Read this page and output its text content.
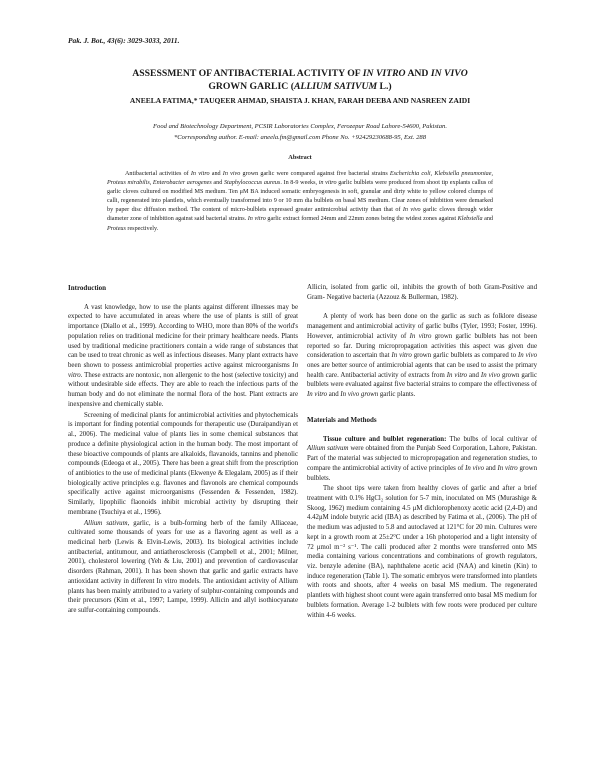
Pak. J. Bot., 43(6): 3029-3033, 2011.
ASSESSMENT OF ANTIBACTERIAL ACTIVITY OF IN VITRO AND IN VIVO
GROWN GARLIC (ALLIUM SATIVUM L.)
ANEELA FATIMA,* TAUQEER AHMAD, SHAISTA J. KHAN, FARAH DEEBA AND NASREEN ZAIDI
Food and Biotechnology Department, PCSIR Laboratories Complex, Ferozepur Road Lahore-54600, Pakistan.
*Corresponding author. E-mail: aneela.fm@gmail.com Phone No. +92429230688-95, Ext. 288
Abstract

Antibacterial activities of In vitro and In vivo grown garlic were compared against five bacterial strains Escherichia coli, Klebsiella pneumoniae, Proteus mirabilis, Enterobacter aerogenes and Staphylococcus aureus. In 8-9 weeks, in vitro garlic bulblets were produced from shoot tip explants callus of garlic cloves cultured on modified MS medium. Ten μM BA induced somatic embryogenesis in soft, granular and dirty white to yellow colored clumps of calli, regenerated into plantlets, which eventually transformed into 9 or 10 mm dia bulblets on basal MS medium. Clear zones of inhibition were demarked by paper disc diffusion method. The content of micro-bulblets expressed greater antimicrobial activity than that of In vivo garlic cloves through wider diameter zone of inhibition against said bacterial strains. In vitro garlic extract formed 24mm and 22mm zones being the widest zones against Klebsiella and Proteus respectively.

Introduction

A vast knowledge, how to use the plants against different illnesses may be expected to have accumulated in areas where the use of plants is still of great importance (Diallo et al., 1999). According to WHO, more than 80% of the world's population relies on traditional medicine for their primary healthcare needs. Plants used by traditional medicine practitioners contain a wide range of substances that can be used to treat chronic as well as infectious diseases. Many plant extracts have been shown to possess antimicrobial properties active against microorganisms In vitro. These extracts are nontoxic, non allergenic to the host (selective toxicity) and without undesirable side effects. They are able to reach the infectious parts of the human body and do not eliminate the normal flora of the host. Plant extracts are inexpensive and chemically stable.

Screening of medicinal plants for antimicrobial activities and phytochemicals is important for finding potential compounds for therapeutic use (Duraipandiyan et al., 2006). The medicinal value of plants lies in some chemical substances that produce a definite physiological action in the human body. The most important of these bioactive compounds of plants are alkaloids, flavanoids, tannins and phenolic compounds (Edeoga et al., 2005). There has been a great shift from the prescription of antibiotics to the use of medicinal plants (Ekwenye & Elegalam, 2005) as if their biologically active principles e.g. flavones and flavonols are chemical compounds specifically active against microorganisms (Fessenden & Fessenden, 1982). Similarly, lipophilic flaonoids inhibit microbial activity by disrupting their membrane (Tsuchiya et al., 1996).

Allium sativum, garlic, is a bulb-forming herb of the family Alliaceae, cultivated some thousands of years for use as a flavoring agent as well as a medicinal herb (Lewis & Elvin-Lewis, 2003). Its biological activities include antibacterial, antitumour, and antiatherosclerosis (Campbell et al., 2001; Milner, 2001), cholesterol lowering (Yeh & Liu, 2001) and prevention of cardiovascular disorders (Rahman, 2001). It has been shown that garlic and garlic extracts have antioxidant activity in different In vitro models. The antioxidant activity of Allium plants has been mainly attributed to a variety of sulphur-containing compounds and their precursors (Kim et al., 1997; Lampe, 1999). Allicin and allyl isothiocyanate are sulfur-containing compounds.

Allicin, isolated from garlic oil, inhibits the growth of both Gram-Positive and Gram- Negative bacteria (Azzouz & Bullerman, 1982).

A plenty of work has been done on the garlic as such as folklore disease management and antimicrobial activity of garlic bulbs (Tyler, 1993; Foster, 1996). However, antimicrobial activity of In vitro grown garlic bulblets has not been reported so far. During micropropagation activities this aspect was given due consideration to ascertain that In vitro grown garlic bulblets as compared to In vivo ones are better source of antimicrobial agents that can be used to assist the primary health care. Antibacterial activity of extracts from In vitro and In vivo grown garlic bulblets were evaluated against five bacterial strains to compare the effectiveness of In vitro and In vivo grown garlic plants.

Materials and Methods

Tissue culture and bulblet regeneration: The bulbs of local cultivar of Allium sativum were obtained from the Punjab Seed Corporation, Lahore, Pakistan. Part of the material was subjected to micropropagation and regeneration studies, to compare the antimicrobial activity of active principles of In vivo and In vitro grown bulblets.

The shoot tips were taken from healthy cloves of garlic and after a brief treatment with 0.1% HgCl₂ solution for 5-7 min, inoculated on MS (Murashige & Skoog, 1962) medium containing 4.5 μM dichlorophenoxy acetic acid (2,4-D) and 4.42μM indole butyric acid (IBA) as described by Fatima et al., (2006). The pH of the medium was adjusted to 5.8 and autoclaved at 121°C for 20 min. Cultures were kept in a growth room at 25±2°C under a 16h photoperiod and a light intensity of 72 μmol m⁻² s⁻¹. The calli produced after 2 months were transferred onto MS media containing various concentrations and combinations of growth regulators, viz. benzyle adenine (BA), naphthalene acetic acid (NAA) and kinetin (Kin) to induce regeneration (Table 1). The somatic embryos were transformed into plantlets with roots and shoots, after 4 weeks on basal MS medium. The regenerated plantlets with highest shoot count were again transferred onto basal MS medium for bulblets formation. Average 1-2 bulblets with few roots were produced per culture within 4-6 weeks.
